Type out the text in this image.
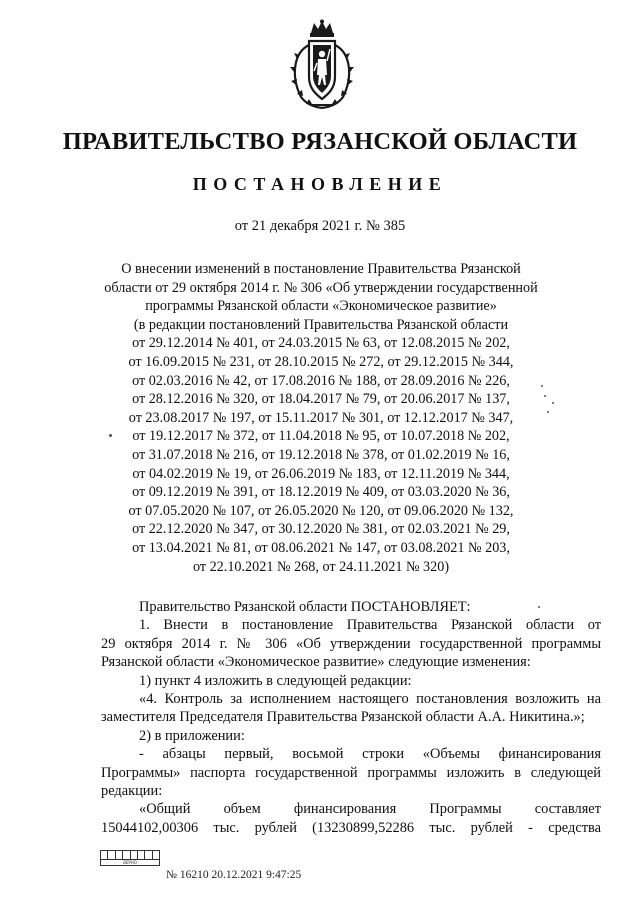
ПРАВИТЕЛЬСТВО РЯЗАНСКОЙ ОБЛАСТИ
ПОСТАНОВЛЕНИЕ
от 21 декабря 2021 г. № 385
О внесении изменений в постановление Правительства Рязанской
области от 29 октября 2014 г. № 306 «Об утверждении государственной
программы Рязанской области «Экономическое развитие»
(в редакции постановлений Правительства Рязанской области
от 29.12.2014 № 401, от 24.03.2015 № 63, от 12.08.2015 № 202,
от 16.09.2015 № 231, от 28.10.2015 № 272, от 29.12.2015 № 344,
от 02.03.2016 № 42, от 17.08.2016 № 188, от 28.09.2016 № 226,
от 28.12.2016 № 320, от 18.04.2017 № 79, от 20.06.2017 № 137,
от 23.08.2017 № 197, от 15.11.2017 № 301, от 12.12.2017 № 347,
от 19.12.2017 № 372, от 11.04.2018 № 95, от 10.07.2018 № 202,
от 31.07.2018 № 216, от 19.12.2018 № 378, от 01.02.2019 № 16,
от 04.02.2019 № 19, от 26.06.2019 № 183, от 12.11.2019 № 344,
от 09.12.2019 № 391, от 18.12.2019 № 409, от 03.03.2020 № 36,
от 07.05.2020 № 107, от 26.05.2020 № 120, от 09.06.2020 № 132,
от 22.12.2020 № 347, от 30.12.2020 № 381, от 02.03.2021 № 29,
от 13.04.2021 № 81, от 08.06.2021 № 147, от 03.08.2021 № 203,
от 22.10.2021 № 268, от 24.11.2021 № 320)
Правительство Рязанской области ПОСТАНОВЛЯЕТ:
1. Внести в постановление Правительства Рязанской области от
29 октября 2014 г. № 306 «Об утверждении государственной программы
Рязанской области «Экономическое развитие» следующие изменения:
1) пункт 4 изложить в следующей редакции:
«4. Контроль за исполнением настоящего постановления возложить на
заместителя Председателя Правительства Рязанской области А.А. Никитина.»;
2) в приложении:
- абзацы первый, восьмой строки «Объемы финансирования
Программы» паспорта государственной программы изложить в следующей
редакции:
«Общий объем финансирования Программы составляет
15044102,00306 тыс. рублей (13230899,52286 тыс. рублей - средства
ВЕРНО
№ 16210 20.12.2021 9:47:25
